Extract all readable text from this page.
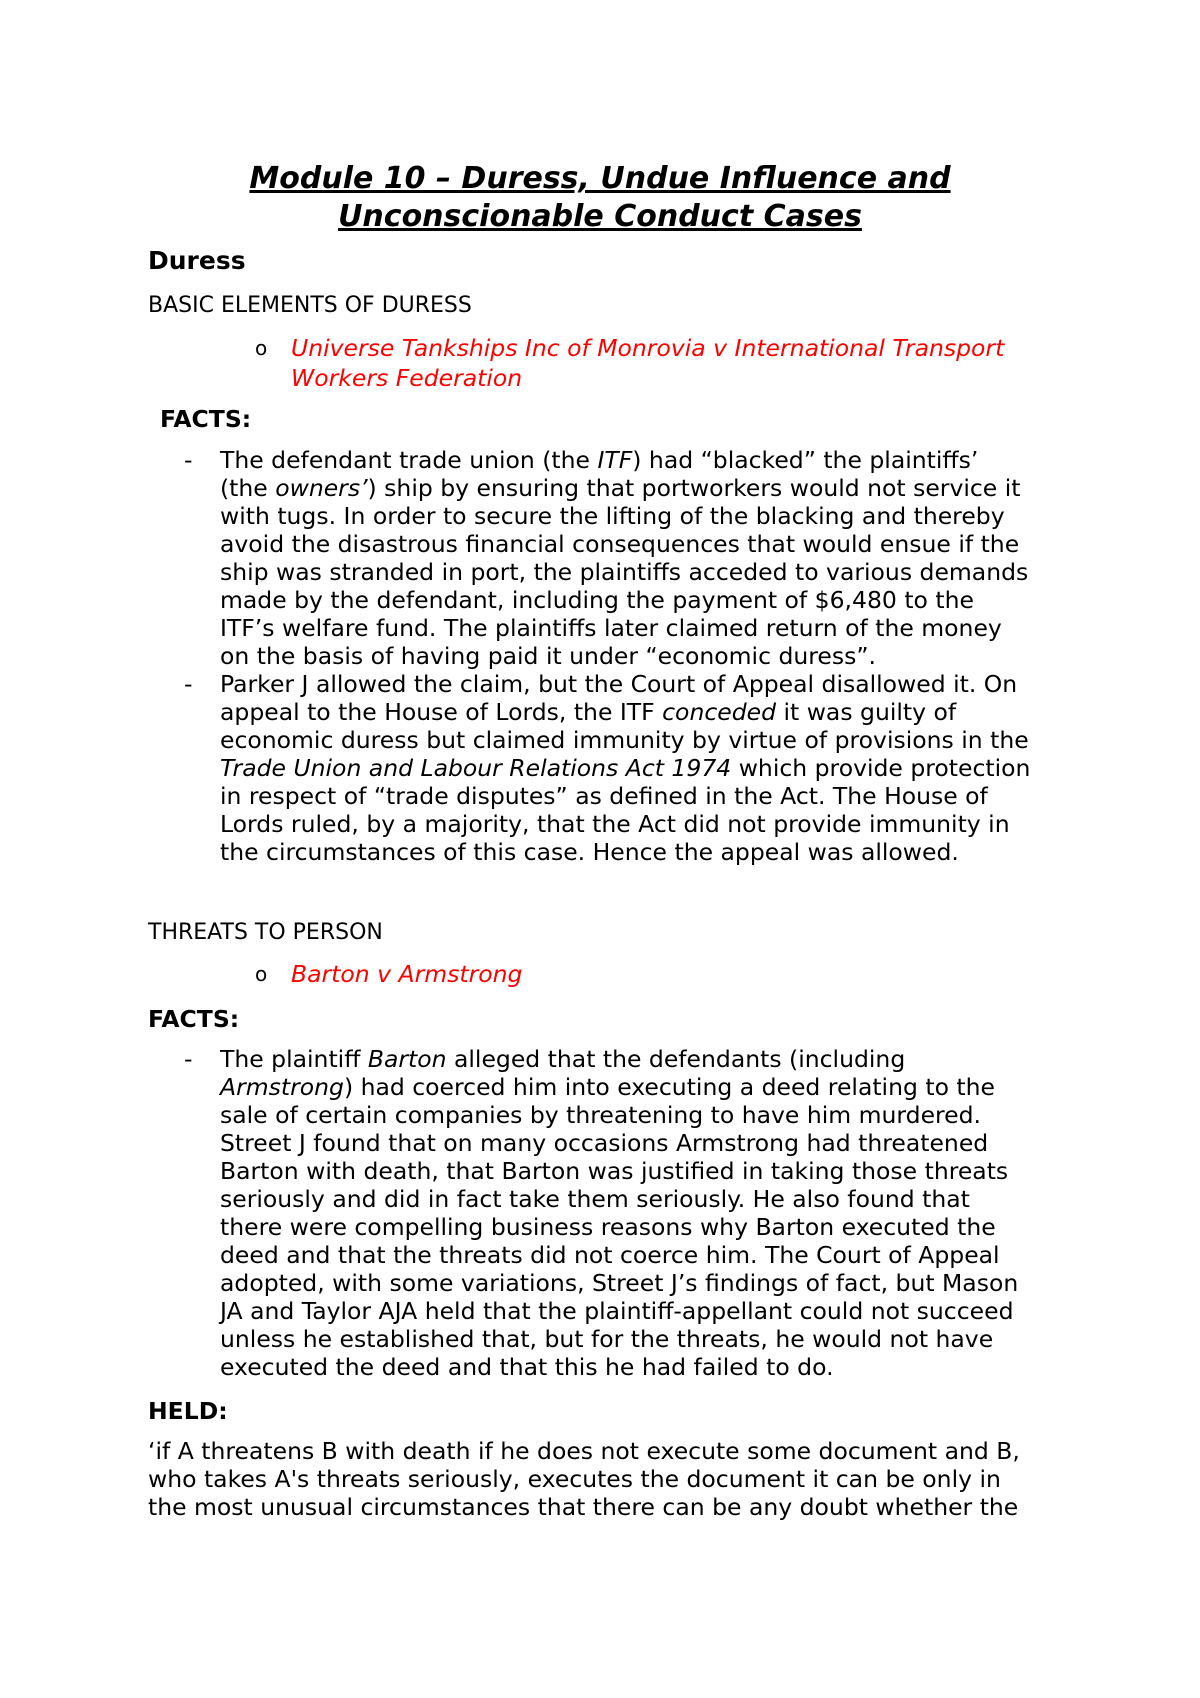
Module 10 – Duress, Undue Influence and
Unconscionable Conduct Cases
Duress
BASIC ELEMENTS OF DURESS
o Universe Tankships Inc of Monrovia v International Transport
Workers Federation
FACTS:
- The defendant trade union (the ITF) had “blacked” the plaintiffs’
(the owners’) ship by ensuring that portworkers would not service it
with tugs. In order to secure the lifting of the blacking and thereby
avoid the disastrous financial consequences that would ensue if the
ship was stranded in port, the plaintiffs acceded to various demands
made by the defendant, including the payment of $6,480 to the
ITF’s welfare fund. The plaintiffs later claimed return of the money
on the basis of having paid it under “economic duress”.
- Parker J allowed the claim, but the Court of Appeal disallowed it. On
appeal to the House of Lords, the ITF conceded it was guilty of
economic duress but claimed immunity by virtue of provisions in the
Trade Union and Labour Relations Act 1974 which provide protection
in respect of “trade disputes” as defined in the Act. The House of
Lords ruled, by a majority, that the Act did not provide immunity in
the circumstances of this case. Hence the appeal was allowed.
THREATS TO PERSON
o Barton v Armstrong
FACTS:
- The plaintiff Barton alleged that the defendants (including
Armstrong) had coerced him into executing a deed relating to the
sale of certain companies by threatening to have him murdered.
Street J found that on many occasions Armstrong had threatened
Barton with death, that Barton was justified in taking those threats
seriously and did in fact take them seriously. He also found that
there were compelling business reasons why Barton executed the
deed and that the threats did not coerce him. The Court of Appeal
adopted, with some variations, Street J’s findings of fact, but Mason
JA and Taylor AJA held that the plaintiff-appellant could not succeed
unless he established that, but for the threats, he would not have
executed the deed and that this he had failed to do.
HELD:
‘if A threatens B with death if he does not execute some document and B,
who takes A's threats seriously, executes the document it can be only in
the most unusual circumstances that there can be any doubt whether the
